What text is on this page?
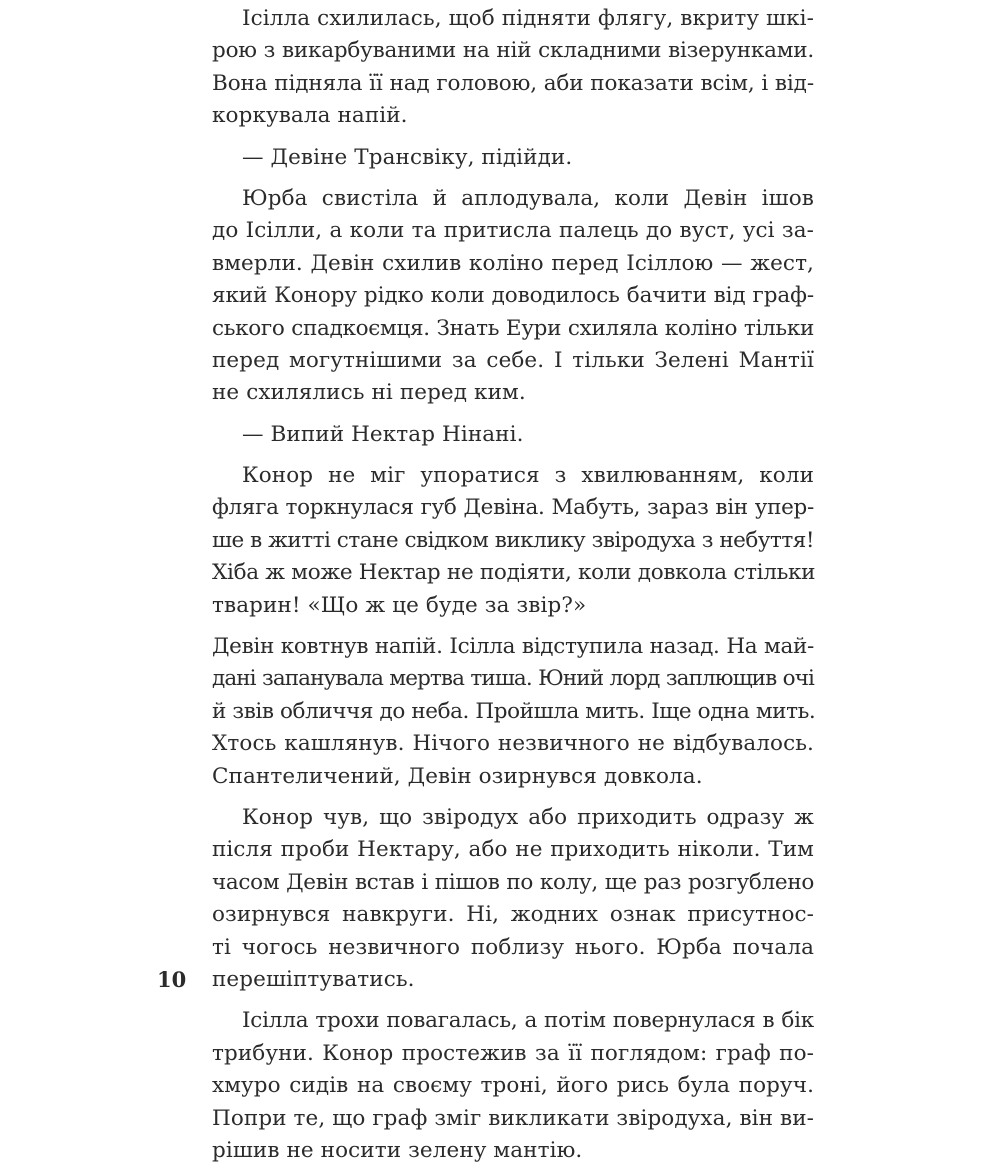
Ісілла схилилась, щоб підняти флягу, вкриту шкі-
рою з викарбуваними на ній складними візерунками.
Вона підняла її над головою, аби показати всім, і від-
коркувала напій.
— Девіне Трансвіку, підійди.
Юрба свистіла й аплодувала, коли Девін ішов
до Ісілли, а коли та притисла палець до вуст, усі за-
вмерли. Девін схилив коліно перед Ісіллою — жест,
який Конору рідко коли доводилось бачити від граф-
ського спадкоємця. Знать Еури схиляла коліно тільки
перед могутнішими за себе. І тільки Зелені Мантії
не схилялись ні перед ким.
— Випий Нектар Нінані.
Конор не міг упоратися з хвилюванням, коли
фляга торкнулася губ Девіна. Мабуть, зараз він упер-
ше в житті стане свідком виклику звіродуха з небуття!
Хіба ж може Нектар не подіяти, коли довкола стільки
тварин! «Що ж це буде за звір?»
Девін ковтнув напій. Ісілла відступила назад. На май-
дані запанувала мертва тиша. Юний лорд заплющив очі
й звів обличчя до неба. Пройшла мить. Іще одна мить.
Хтось кашлянув. Нічого незвичного не відбувалось.
Спантеличений, Девін озирнувся довкола.
Конор чув, що звіродух або приходить одразу ж
після проби Нектару, або не приходить ніколи. Тим
часом Девін встав і пішов по колу, ще раз розгублено
озирнувся навкруги. Ні, жодних ознак присутнос-
ті чогось незвичного поблизу нього. Юрба почала
перешіптуватись.
Ісілла трохи повагалась, а потім повернулася в бік
трибуни. Конор простежив за її поглядом: граф по-
хмуро сидів на своєму троні, його рись була поруч.
Попри те, що граф зміг викликати звіродуха, він ви-
рішив не носити зелену мантію.
10
